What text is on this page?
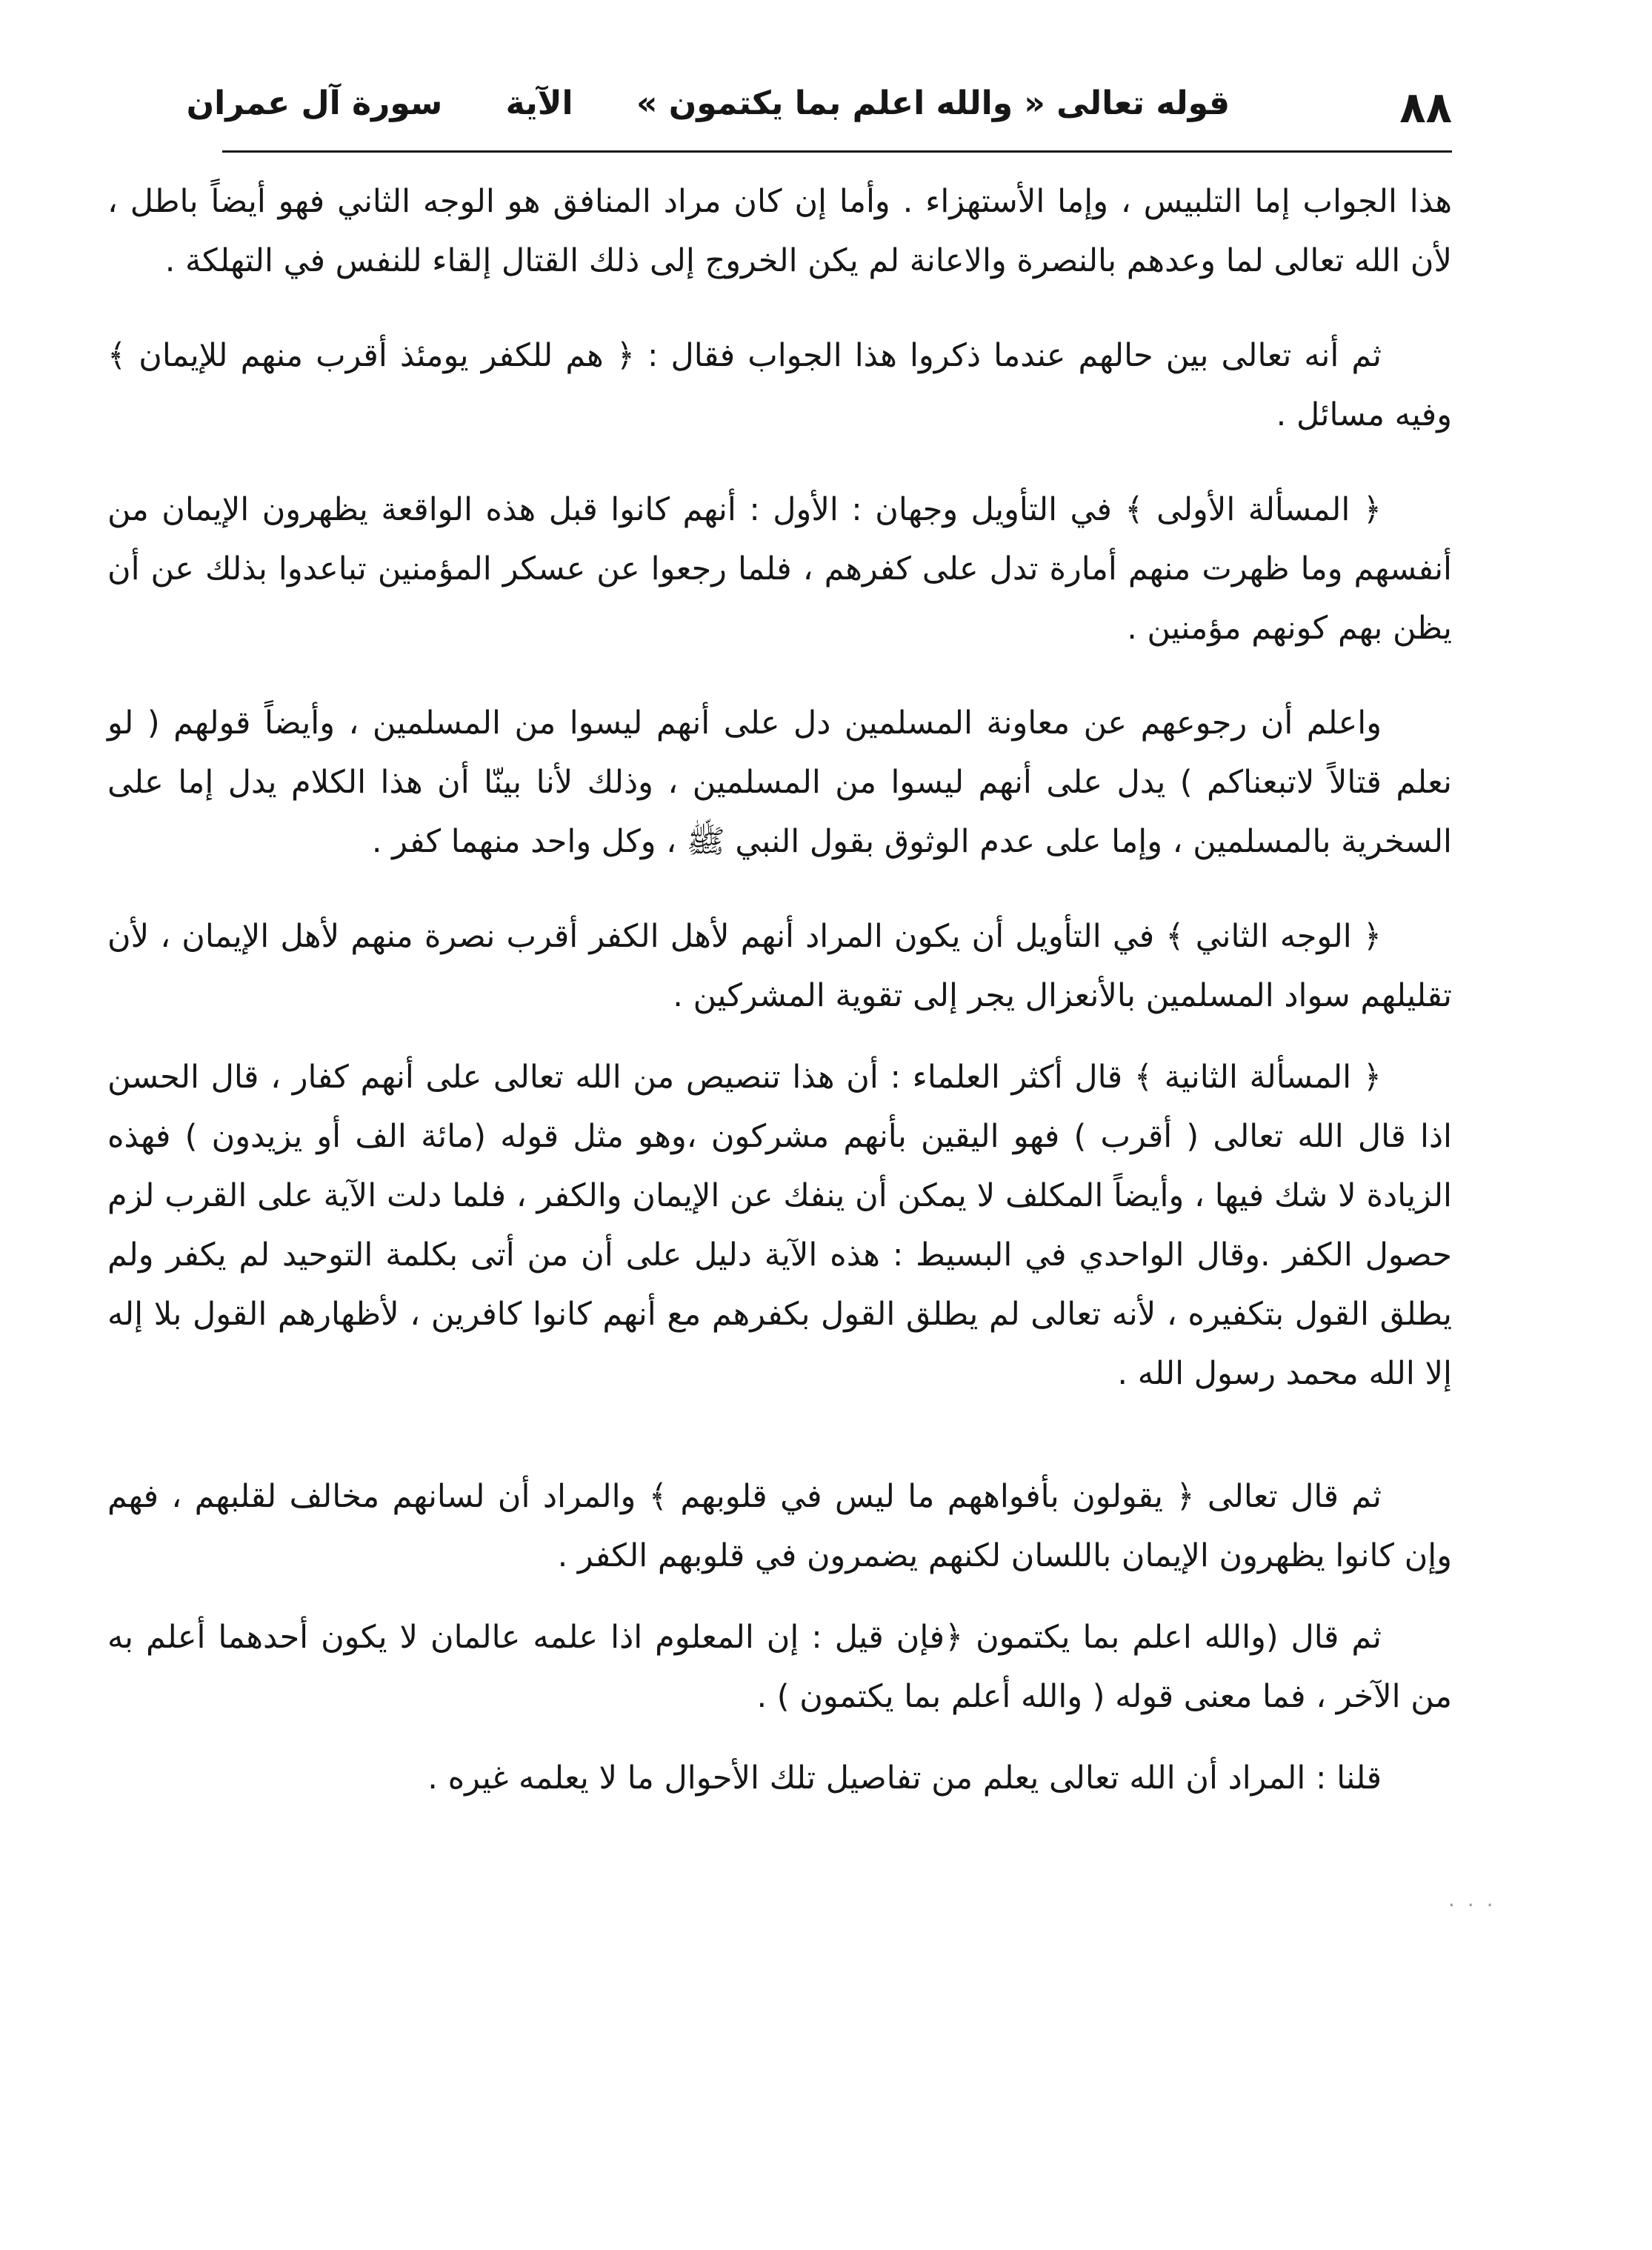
٨٨
قوله تعالى « والله اعلم بما يكتمون » الآية سورة آل عمران

هذا الجواب إما التلبيس ، وإما الأستهزاء . وأما إن كان مراد المنافق هو الوجه الثاني فهو أيضاً باطل ، لأن الله تعالى لما وعدهم بالنصرة والاعانة لم يكن الخروج إلى ذلك القتال إلقاء للنفس في التهلكة .

ثم أنه تعالى بين حالهم عندما ذكروا هذا الجواب فقال : ﴿ هم للكفر يومئذ أقرب منهم للإيمان ﴾ وفيه مسائل .

﴿ المسألة الأولى ﴾ في التأويل وجهان : الأول : أنهم كانوا قبل هذه الواقعة يظهرون الإيمان من أنفسهم وما ظهرت منهم أمارة تدل على كفرهم ، فلما رجعوا عن عسكر المؤمنين تباعدوا بذلك عن أن يظن بهم كونهم مؤمنين .

واعلم أن رجوعهم عن معاونة المسلمين دل على أنهم ليسوا من المسلمين ، وأيضاً قولهم ( لو نعلم قتالاً لاتبعناكم ) يدل على أنهم ليسوا من المسلمين ، وذلك لأنا بينّا أن هذا الكلام يدل إما على السخرية بالمسلمين ، وإما على عدم الوثوق بقول النبي ﷺ ، وكل واحد منهما كفر .

﴿ الوجه الثاني ﴾ في التأويل أن يكون المراد أنهم لأهل الكفر أقرب نصرة منهم لأهل الإيمان ، لأن تقليلهم سواد المسلمين بالأنعزال يجر إلى تقوية المشركين .

﴿ المسألة الثانية ﴾ قال أكثر العلماء : أن هذا تنصيص من الله تعالى على أنهم كفار ، قال الحسن اذا قال الله تعالى ( أقرب ) فهو اليقين بأنهم مشركون ،وهو مثل قوله (مائة الف أو يزيدون ) فهذه الزيادة لا شك فيها ، وأيضاً المكلف لا يمكن أن ينفك عن الإيمان والكفر ، فلما دلت الآية على القرب لزم حصول الكفر .وقال الواحدي في البسيط : هذه الآية دليل على أن من أتى بكلمة التوحيد لم يكفر ولم يطلق القول بتكفيره ، لأنه تعالى لم يطلق القول بكفرهم مع أنهم كانوا كافرين ، لأظهارهم القول بلا إله إلا الله محمد رسول الله .

ثم قال تعالى ﴿ يقولون بأفواههم ما ليس في قلوبهم ﴾ والمراد أن لسانهم مخالف لقلبهم ، فهم وإن كانوا يظهرون الإيمان باللسان لكنهم يضمرون في قلوبهم الكفر .

ثم قال (والله اعلم بما يكتمون ﴿فإن قيل : إن المعلوم اذا علمه عالمان لا يكون أحدهما أعلم به من الآخر ، فما معنى قوله ( والله أعلم بما يكتمون ) .

قلنا : المراد أن الله تعالى يعلم من تفاصيل تلك الأحوال ما لا يعلمه غيره .

· · ·
